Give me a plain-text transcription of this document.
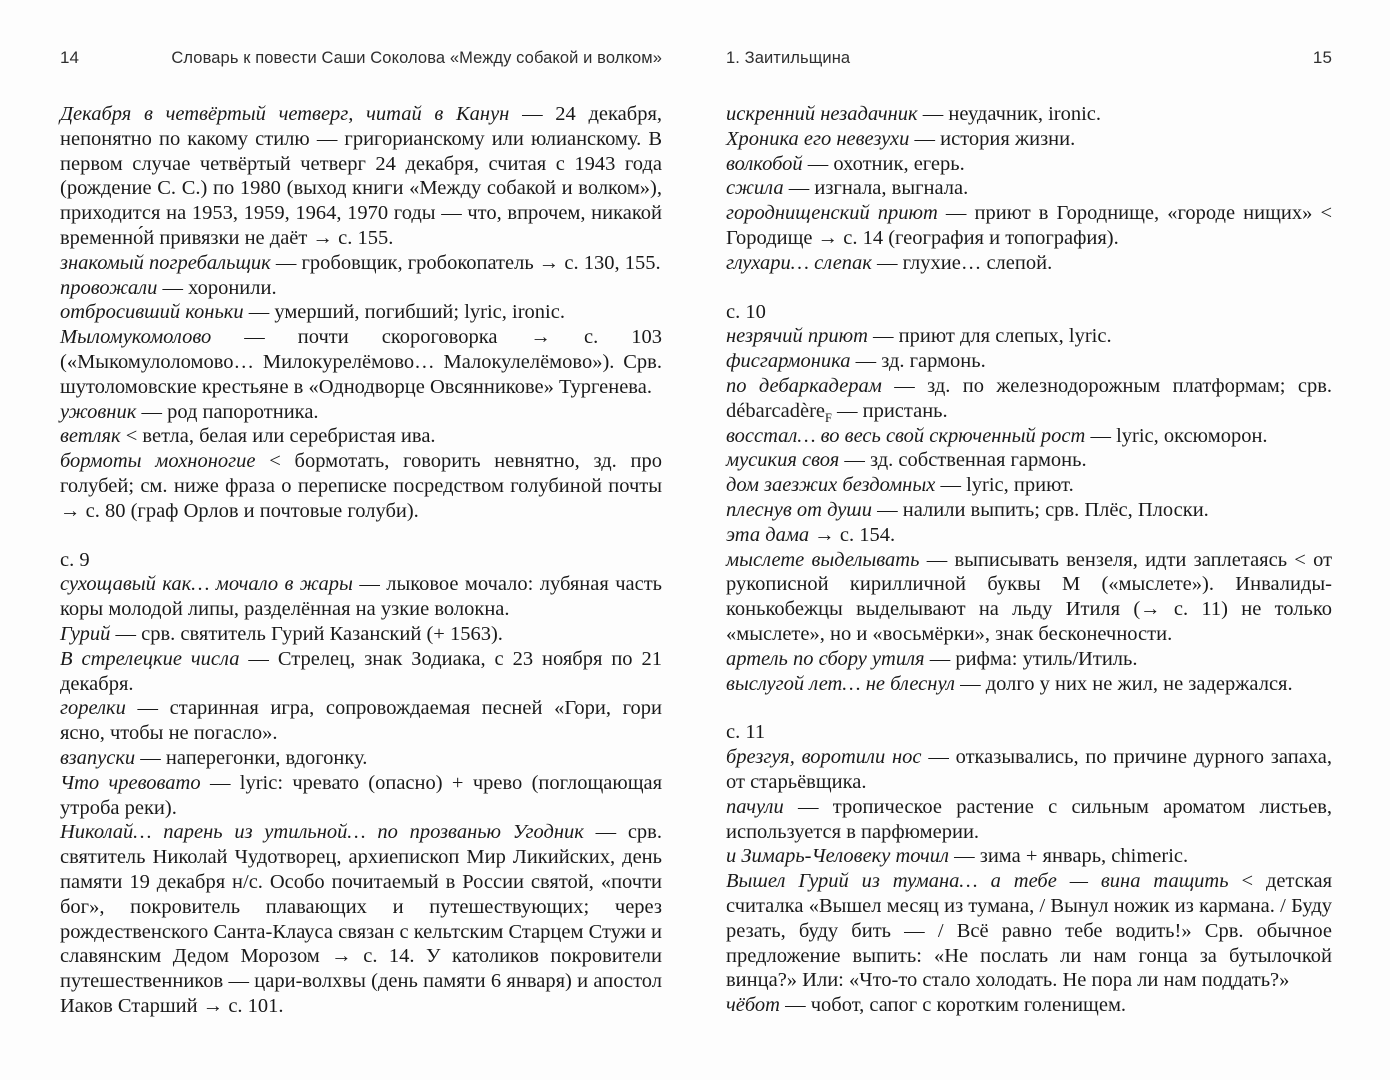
14	Словарь к повести Саши Соколова «Между собакой и волком»

Декабря в четвёртый четверг, читай в Канун — 24 декабря, непонятно по какому стилю — григорианскому или юлианскому. В первом случае четвёртый четверг 24 декабря, считая с 1943 года (рождение С. С.) по 1980 (выход книги «Между собакой и волком»), приходится на 1953, 1959, 1964, 1970 годы — что, впрочем, никакой временно́й привязки не даёт → с. 155.

знакомый погребальщик — гробовщик, гробокопатель → с. 130, 155.

провожали — хоронили.

отбросивший коньки — умерший, погибший; lyric, ironic.

Мыломукомолово — почти скороговорка → с. 103 («Мыкомулоломово… Милокурелёмово… Малокулелёмово»). Срв. шутоломовские крестьяне в «Однодворце Овсянникове» Тургенева.

ужовник — род папоротника.

ветляк < ветла, белая или серебристая ива.

бормоты мохноногие < бормотать, говорить невнятно, зд. про голубей; см. ниже фраза о переписке посредством голубиной почты → с. 80 (граф Орлов и почтовые голуби).

с. 9

сухощавый как… мочало в жары — лыковое мочало: лубяная часть коры молодой липы, разделённая на узкие волокна.

Гурий — срв. святитель Гурий Казанский (+ 1563).

В стрелецкие числа — Стрелец, знак Зодиака, с 23 ноября по 21 декабря.

горелки — старинная игра, сопровождаемая песней «Гори, гори ясно, чтобы не погасло».

взапуски — наперегонки, вдогонку.

Что чревовато — lyric: чревато (опасно) + чрево (поглощающая утроба реки).

Николай… парень из утильной… по прозванью Угодник — срв. святитель Николай Чудотворец, архиепископ Мир Ликийских, день памяти 19 декабря н/с. Особо почитаемый в России святой, «почти бог», покровитель плавающих и путешествующих; через рождественского Санта-Клауса связан с кельтским Старцем Стужи и славянским Дедом Морозом → с. 14. У католиков покровители путешественников — цари-волхвы (день памяти 6 января) и апостол Иаков Старший → с. 101.

1. Заитильщина	15

искренний незадачник — неудачник, ironic.

Хроника его невезухи — история жизни.

волкобой — охотник, егерь.

сжила — изгнала, выгнала.

городнищенский приют — приют в Городнище, «городе нищих» < Городище → с. 14 (география и топография).

глухари… слепак — глухие… слепой.

с. 10

незрячий приют — приют для слепых, lyric.

фисгармоника — зд. гармонь.

по дебаркадерам — зд. по железнодорожным платформам; срв. débarcadère$_F$ — пристань.

восстал… во весь свой скрюченный рост — lyric, оксюморон.

мусикия своя — зд. собственная гармонь.

дом заезжих бездомных — lyric, приют.

плеснув от души — налили выпить; срв. Плёс, Плоски.

эта дама → с. 154.

мыслете выделывать — выписывать вензеля, идти заплетаясь < от рукописной кирилличной буквы М («мыслете»). Инвалиды-конькобежцы выделывают на льду Итиля (→ с. 11) не только «мыслете», но и «восьмёрки», знак бесконечности.

артель по сбору утиля — рифма: утиль/Итиль.

выслугой лет… не блеснул — долго у них не жил, не задержался.

с. 11

брезгуя, воротили нос — отказывались, по причине дурного запаха, от старьёвщика.

пачули — тропическое растение с сильным ароматом листьев, используется в парфюмерии.

и Зимарь-Человеку точил — зима + январь, chimeric.

Вышел Гурий из тумана… а тебе — вина тащить < детская считалка «Вышел месяц из тумана, / Вынул ножик из кармана. / Буду резать, буду бить — / Всё равно тебе водить!» Срв. обычное предложение выпить: «Не послать ли нам гонца за бутылочкой винца?» Или: «Что-то стало холодать. Не пора ли нам поддать?»

чёбот — чобот, сапог с коротким голенищем.
